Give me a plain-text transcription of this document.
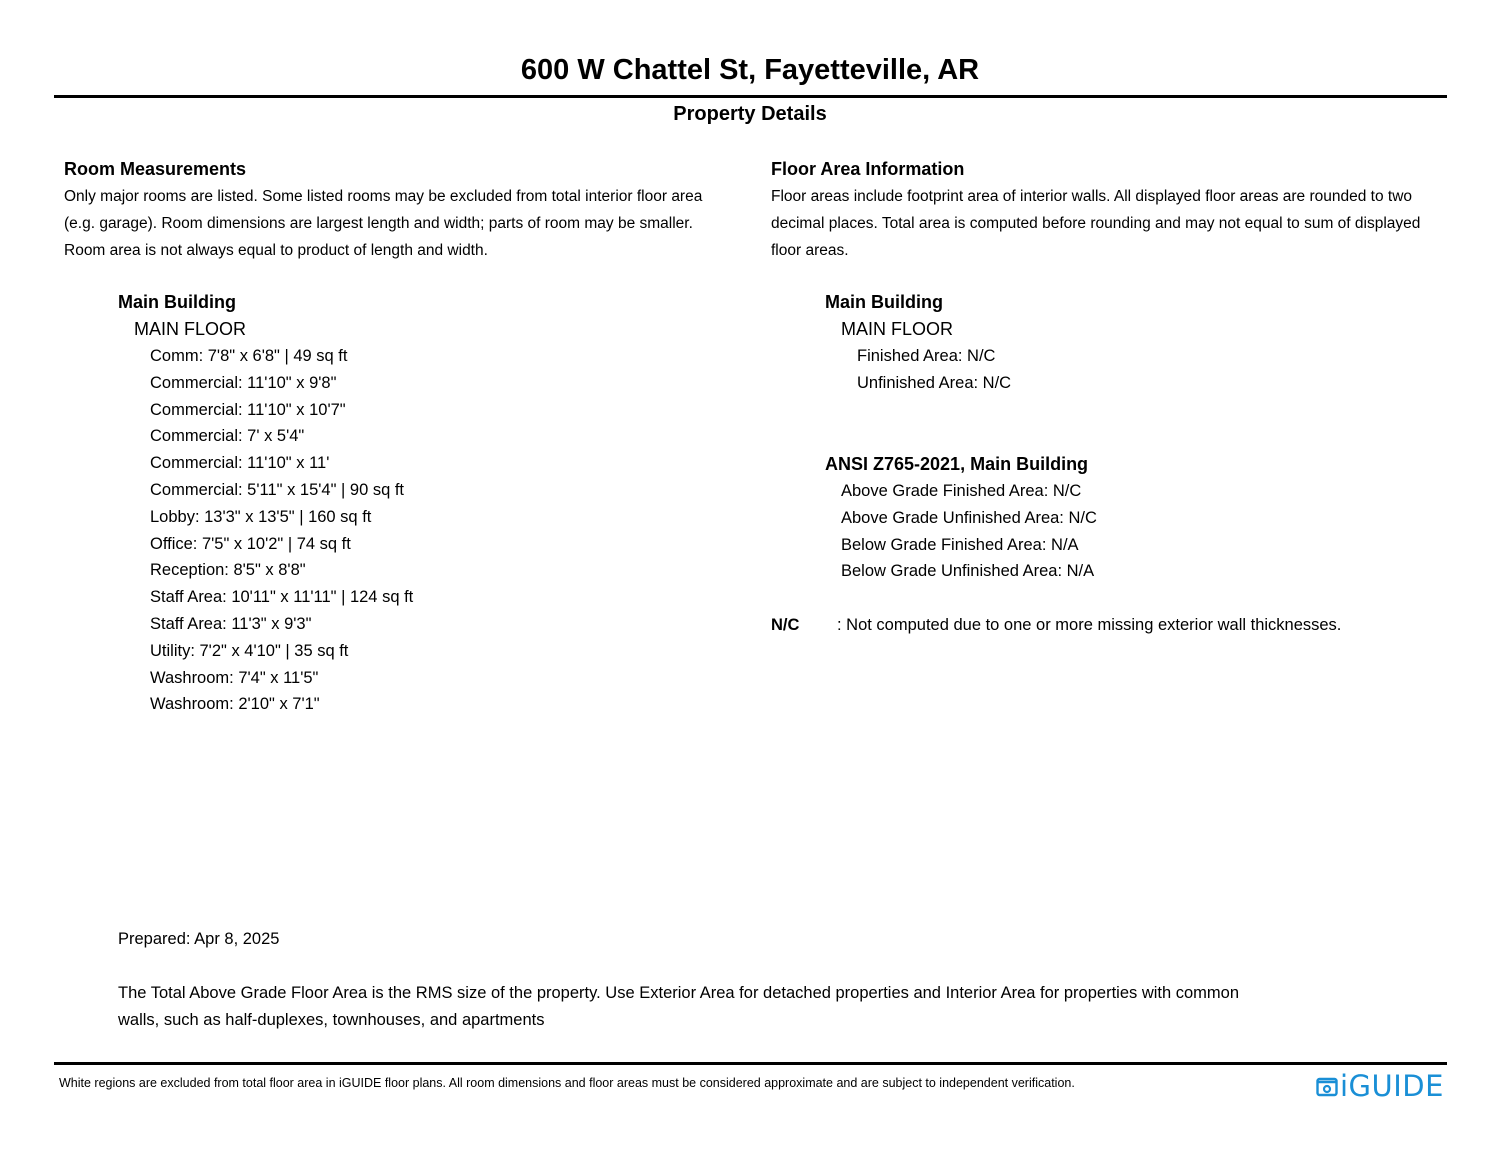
600 W Chattel St, Fayetteville, AR
Property Details
Room Measurements
Only major rooms are listed. Some listed rooms may be excluded from total interior floor area
(e.g. garage). Room dimensions are largest length and width; parts of room may be smaller.
Room area is not always equal to product of length and width.
Main Building
MAIN FLOOR
Comm: 7'8" x 6'8" | 49 sq ft
Commercial: 11'10" x 9'8"
Commercial: 11'10" x 10'7"
Commercial: 7' x 5'4"
Commercial: 11'10" x 11'
Commercial: 5'11" x 15'4" | 90 sq ft
Lobby: 13'3" x 13'5" | 160 sq ft
Office: 7'5" x 10'2" | 74 sq ft
Reception: 8'5" x 8'8"
Staff Area: 10'11" x 11'11" | 124 sq ft
Staff Area: 11'3" x 9'3"
Utility: 7'2" x 4'10" | 35 sq ft
Washroom: 7'4" x 11'5"
Washroom: 2'10" x 7'1"
Floor Area Information
Floor areas include footprint area of interior walls. All displayed floor areas are rounded to two
decimal places. Total area is computed before rounding and may not equal to sum of displayed
floor areas.
Main Building
MAIN FLOOR
Finished Area: N/C
Unfinished Area: N/C
ANSI Z765-2021, Main Building
Above Grade Finished Area: N/C
Above Grade Unfinished Area: N/C
Below Grade Finished Area: N/A
Below Grade Unfinished Area: N/A
N/C : Not computed due to one or more missing exterior wall thicknesses.
Prepared: Apr 8, 2025
The Total Above Grade Floor Area is the RMS size of the property. Use Exterior Area for detached properties and Interior Area for properties with common
walls, such as half-duplexes, townhouses, and apartments
White regions are excluded from total floor area in iGUIDE floor plans. All room dimensions and floor areas must be considered approximate and are subject to independent verification.	iGUIDE
